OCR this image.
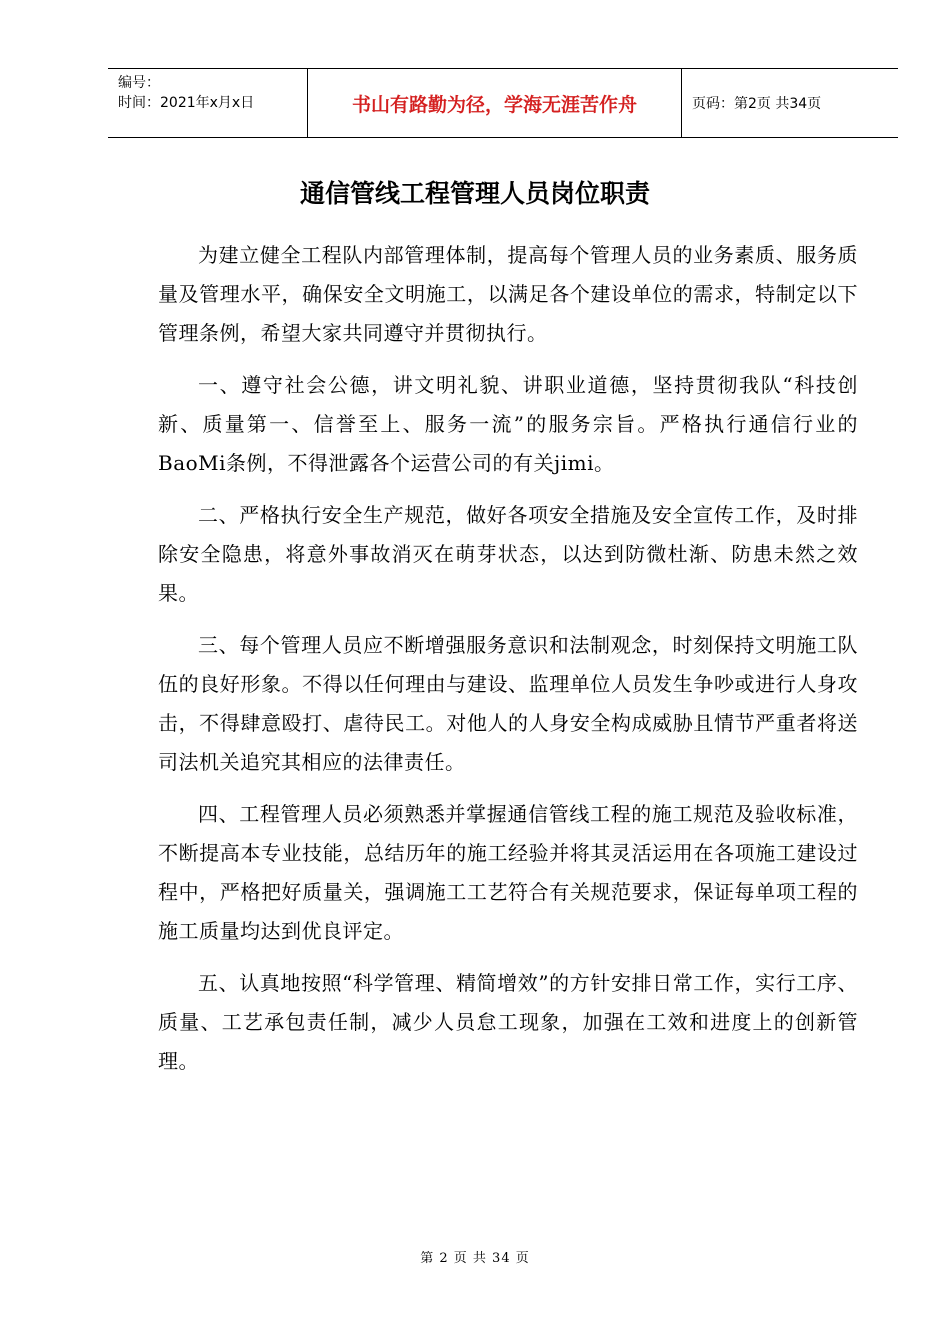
编号：
时间：2021年x月x日	书山有路勤为径，学海无涯苦作舟	页码：第2页 共34页
通信管线工程管理人员岗位职责

为建立健全工程队内部管理体制，提高每个管理人员的业务素质、服务质量及管理水平，确保安全文明施工，以满足各个建设单位的需求，特制定以下管理条例，希望大家共同遵守并贯彻执行。

一、遵守社会公德，讲文明礼貌、讲职业道德，坚持贯彻我队“科技创新、质量第一、信誉至上、服务一流”的服务宗旨。严格执行通信行业的BaoMi条例，不得泄露各个运营公司的有关jimi。

二、严格执行安全生产规范，做好各项安全措施及安全宣传工作，及时排除安全隐患，将意外事故消灭在萌芽状态，以达到防微杜渐、防患未然之效果。

三、每个管理人员应不断增强服务意识和法制观念，时刻保持文明施工队伍的良好形象。不得以任何理由与建设、监理单位人员发生争吵或进行人身攻击，不得肆意殴打、虐待民工。对他人的人身安全构成威胁且情节严重者将送司法机关追究其相应的法律责任。

四、工程管理人员必须熟悉并掌握通信管线工程的施工规范及验收标准，不断提高本专业技能，总结历年的施工经验并将其灵活运用在各项施工建设过程中，严格把好质量关，强调施工工艺符合有关规范要求，保证每单项工程的施工质量均达到优良评定。

五、认真地按照“科学管理、精简增效”的方针安排日常工作，实行工序、质量、工艺承包责任制，减少人员怠工现象，加强在工效和进度上的创新管理。

第 2 页 共 34 页
